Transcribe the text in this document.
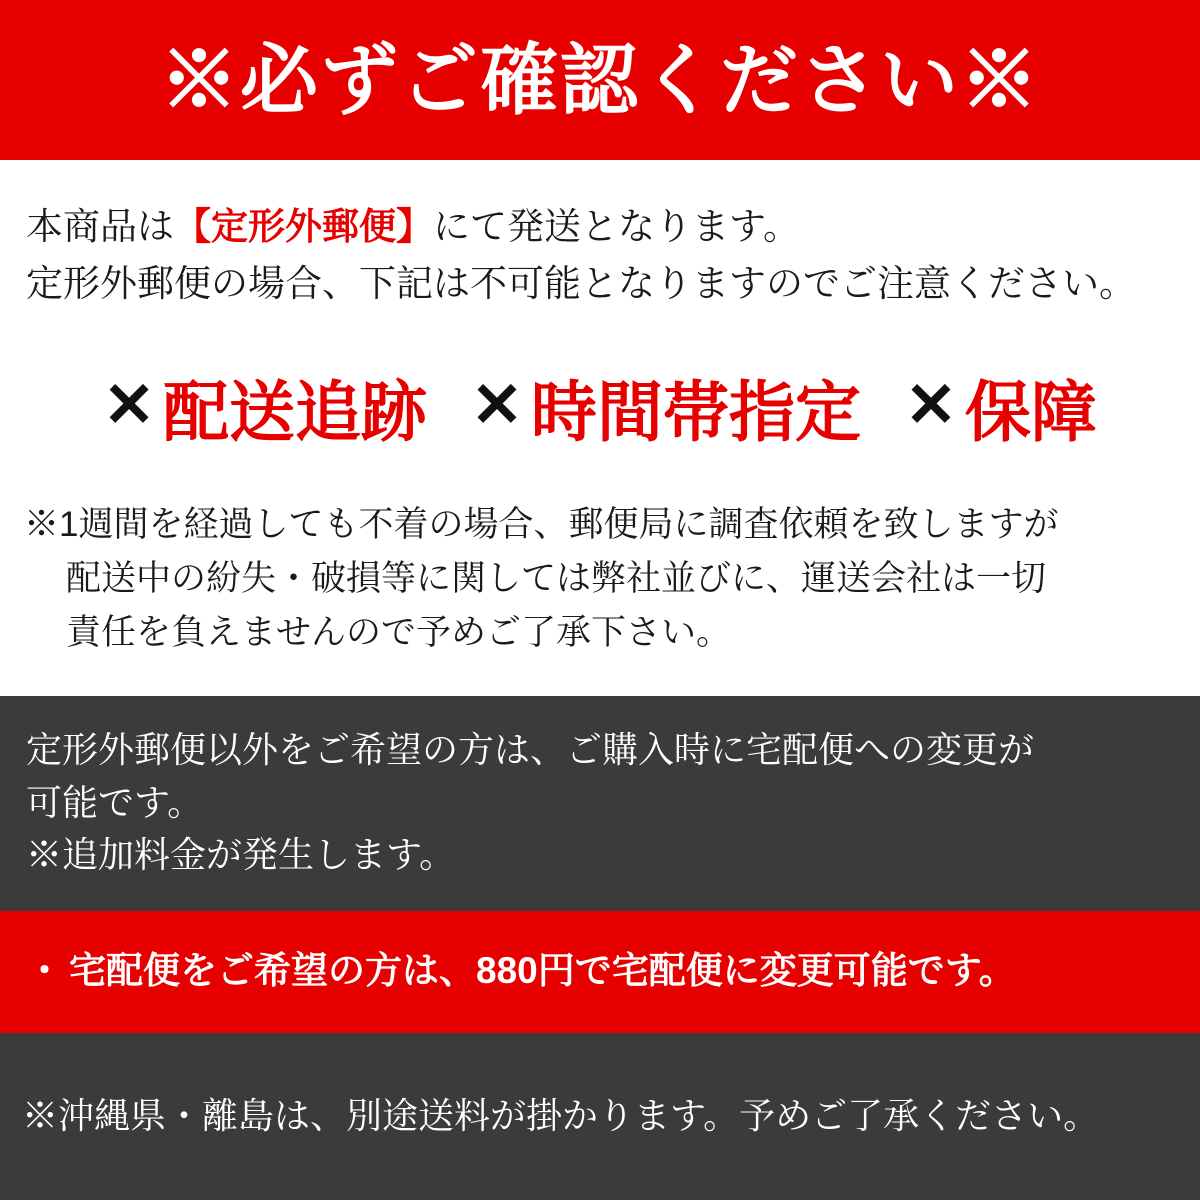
※必ずご確認ください※
本商品は【定形外郵便】にて発送となります。
定形外郵便の場合、下記は不可能となりますのでご注意ください。
✕ 配送追跡 ✕ 時間帯指定 ✕ 保障
※1週間を経過しても不着の場合、郵便局に調査依頼を致しますが
配送中の紛失・破損等に関しては弊社並びに、運送会社は一切
責任を負えませんので予めご了承下さい。
定形外郵便以外をご希望の方は、ご購入時に宅配便への変更が
可能です。
※追加料金が発生します。
・ 宅配便をご希望の方は、880円で宅配便に変更可能です。
※沖縄県・離島は、別途送料が掛かります。予めご了承ください。
